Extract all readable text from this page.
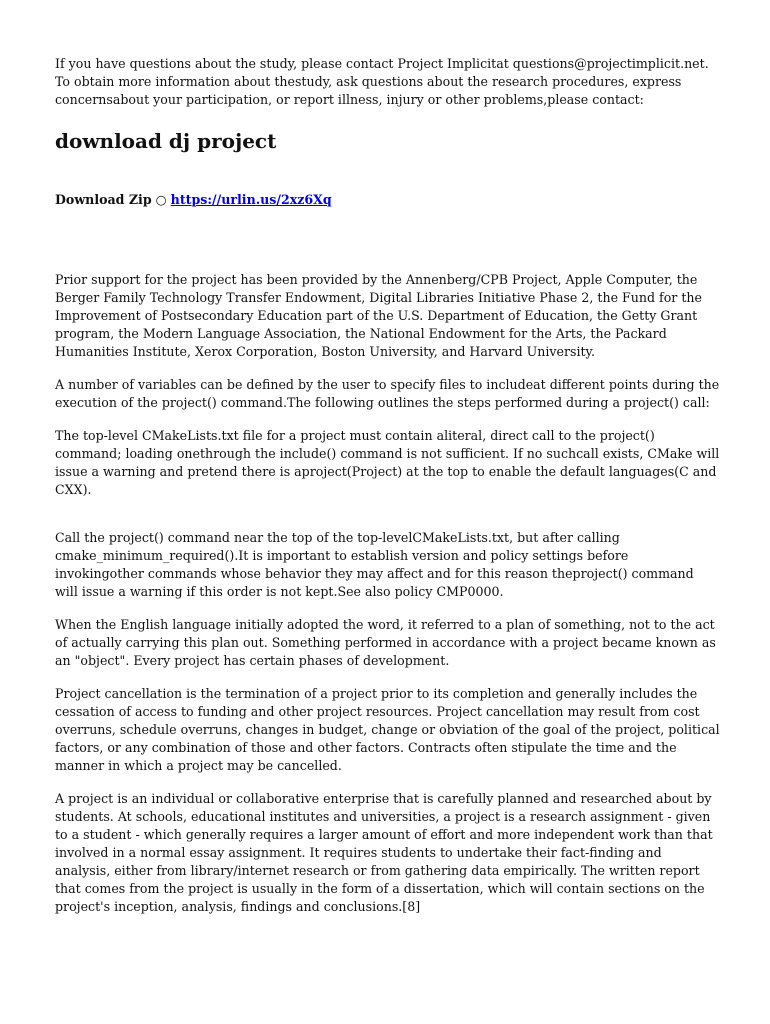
If you have questions about the study, please contact Project Implicitat questions@projectimplicit.net. To obtain more information about thestudy, ask questions about the research procedures, express concernsabout your participation, or report illness, injury or other problems,please contact:

download dj project
Download Zip ○ https://urlin.us/2xz6Xq

Prior support for the project has been provided by the Annenberg/CPB Project, Apple Computer, the Berger Family Technology Transfer Endowment, Digital Libraries Initiative Phase 2, the Fund for the Improvement of Postsecondary Education part of the U.S. Department of Education, the Getty Grant program, the Modern Language Association, the National Endowment for the Arts, the Packard Humanities Institute, Xerox Corporation, Boston University, and Harvard University.

A number of variables can be defined by the user to specify files to includeat different points during the execution of the project() command.The following outlines the steps performed during a project() call:

The top-level CMakeLists.txt file for a project must contain aliteral, direct call to the project() command; loading onethrough the include() command is not sufficient. If no suchcall exists, CMake will issue a warning and pretend there is aproject(Project) at the top to enable the default languages(C and CXX).

Call the project() command near the top of the top-levelCMakeLists.txt, but after calling cmake_minimum_required().It is important to establish version and policy settings before invokingother commands whose behavior they may affect and for this reason theproject() command will issue a warning if this order is not kept.See also policy CMP0000.

When the English language initially adopted the word, it referred to a plan of something, not to the act of actually carrying this plan out. Something performed in accordance with a project became known as an "object". Every project has certain phases of development.

Project cancellation is the termination of a project prior to its completion and generally includes the cessation of access to funding and other project resources. Project cancellation may result from cost overruns, schedule overruns, changes in budget, change or obviation of the goal of the project, political factors, or any combination of those and other factors. Contracts often stipulate the time and the manner in which a project may be cancelled.

A project is an individual or collaborative enterprise that is carefully planned and researched about by students. At schools, educational institutes and universities, a project is a research assignment - given to a student - which generally requires a larger amount of effort and more independent work than that involved in a normal essay assignment. It requires students to undertake their fact-finding and analysis, either from library/internet research or from gathering data empirically. The written report that comes from the project is usually in the form of a dissertation, which will contain sections on the project's inception, analysis, findings and conclusions.[8]
